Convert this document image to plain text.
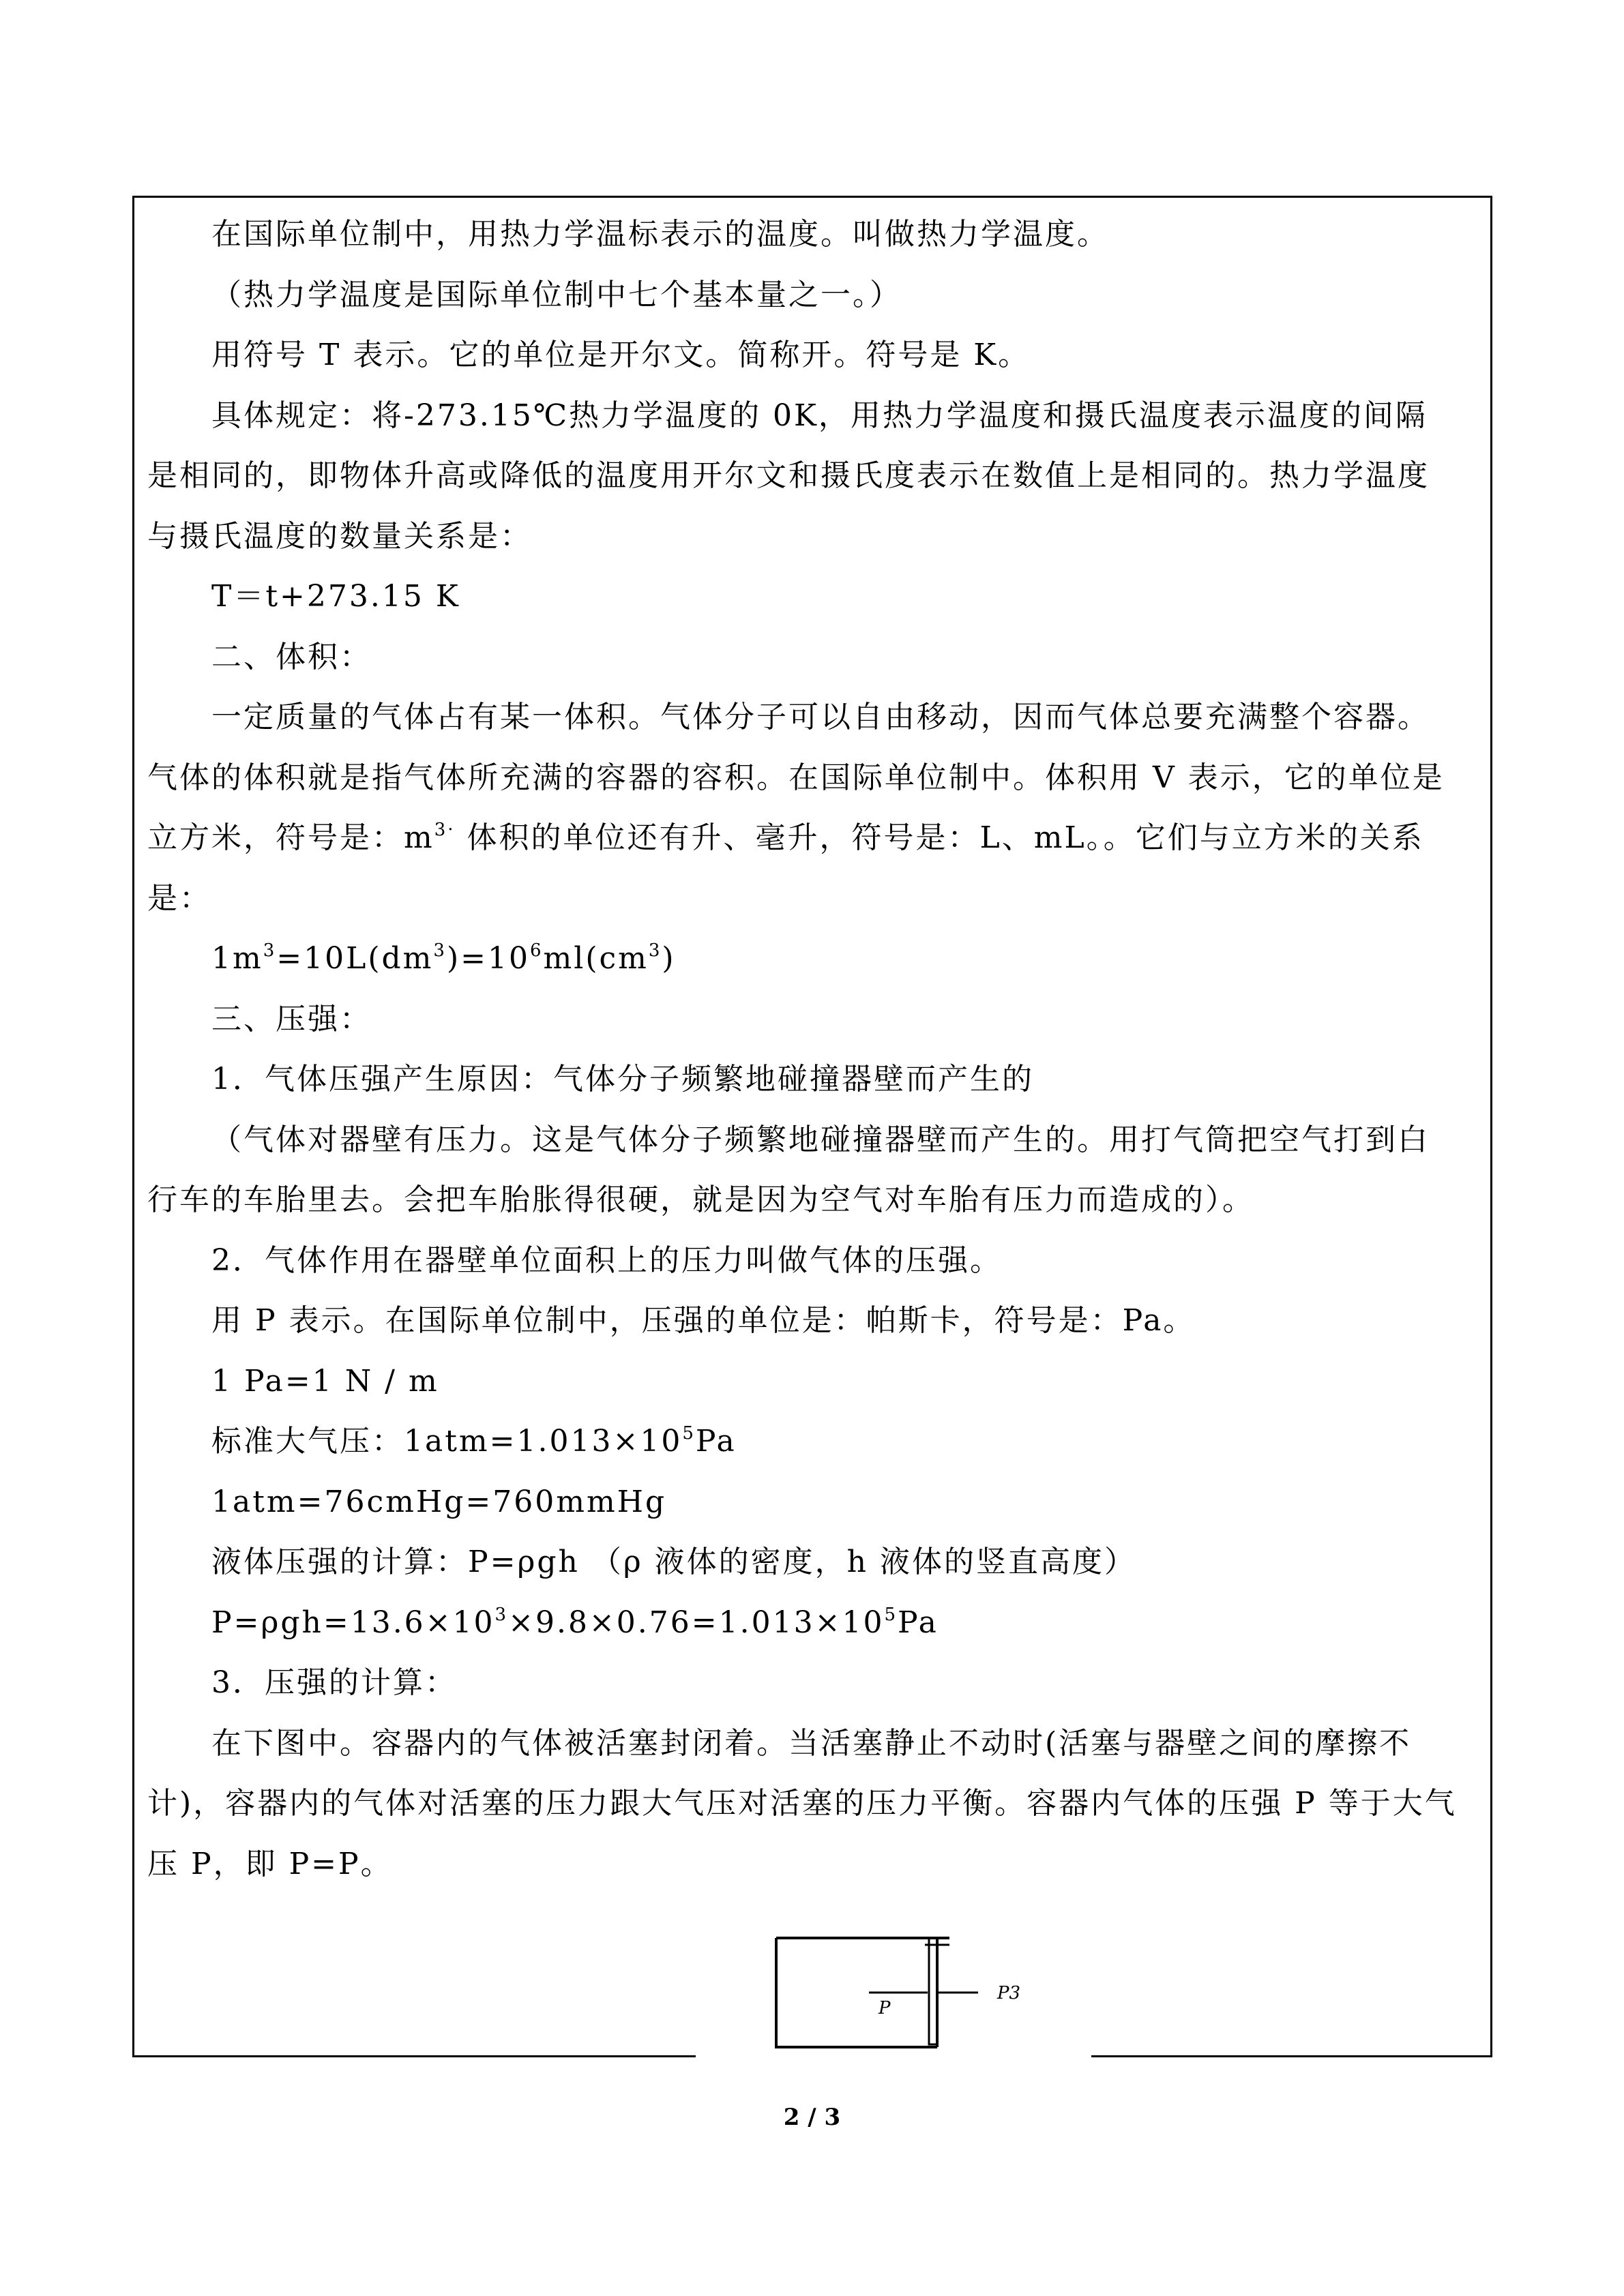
在国际单位制中，用热力学温标表示的温度。叫做热力学温度。

（热力学温度是国际单位制中七个基本量之一。）

用符号 T 表示。它的单位是开尔文。简称开。符号是 K。

具体规定：将-273.15℃热力学温度的 0K，用热力学温度和摄氏温度表示温度的间隔是相同的，即物体升高或降低的温度用开尔文和摄氏度表示在数值上是相同的。热力学温度与摄氏温度的数量关系是：

T＝t+273.15 K

二、体积：

一定质量的气体占有某一体积。气体分子可以自由移动，因而气体总要充满整个容器。气体的体积就是指气体所充满的容器的容积。在国际单位制中。体积用 V 表示，它的单位是立方米，符号是：$m^{3\cdot}$ 体积的单位还有升、毫升，符号是：L、mL。。它们与立方米的关系是：

$1m^3=10L(dm^3)=10^6ml(cm^3)$

三、压强：

1．气体压强产生原因：气体分子频繁地碰撞器壁而产生的

（气体对器壁有压力。这是气体分子频繁地碰撞器壁而产生的。用打气筒把空气打到白行车的车胎里去。会把车胎胀得很硬，就是因为空气对车胎有压力而造成的）。

2．气体作用在器壁单位面积上的压力叫做气体的压强。

用 P 表示。在国际单位制中，压强的单位是：帕斯卡，符号是：Pa。

1 Pa=1 N / m

标准大气压：$1atm=1.013\times 10^5Pa$

1atm=76cmHg=760mmHg

液体压强的计算：P=ρgh （ρ 液体的密度，h 液体的竖直高度）

$P=\rho gh=13.6\times 10^3\times 9.8\times 0.76=1.013\times 10^5Pa$

3．压强的计算：

在下图中。容器内的气体被活塞封闭着。当活塞静止不动时(活塞与器壁之间的摩擦不计)，容器内的气体对活塞的压力跟大气压对活塞的压力平衡。容器内气体的压强 P 等于大气压 P，即 P=P。

P
P3
2 / 3
